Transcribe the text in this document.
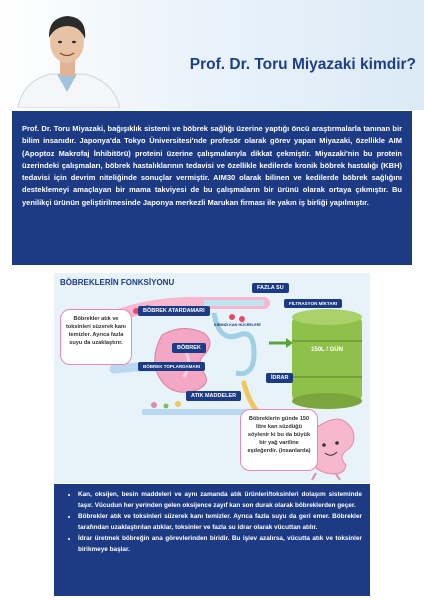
Prof. Dr. Toru Miyazaki kimdir?

Prof. Dr. Toru Miyazaki, bağışıklık sistemi ve böbrek sağlığı üzerine yaptığı öncü araştırmalarla tanınan bir bilim insanıdır. Japonya'da Tokyo Üniversitesi'nde profesör olarak görev yapan Miyazaki, özellikle AIM (Apoptoz Makrofaj İnhibitörü) proteini üzerine çalışmalarıyla dikkat çekmiştir. Miyazaki'nin bu protein üzerindeki çalışmaları, böbrek hastalıklarının tedavisi ve özellikle kedilerde kronik böbrek hastalığı (KBH) tedavisi için devrim niteliğinde sonuçlar vermiştir. AIM30 olarak bilinen ve kedilerde böbrek sağlığını desteklemeyi amaçlayan bir mama takviyesi de bu çalışmaların bir ürünü olarak ortaya çıkmıştır. Bu yenilikçi ürünün geliştirilmesinde Japonya merkezli Marukan firması ile yakın iş birliği yapılmıştır.

BÖBREKLERİN FONKSİYONU
FAZLA SU
BÖBREK ATARDAMARI
FİLTRASYON MİKTARI
KIRMIZI KAN HÜCRELERİ
BÖBREK
BÖBREK TOPLARDAMARI
150L / GÜN
İDRAR
ATIK MADDELER
Böbrekler atık ve toksinleri süzerek kanı temizler. Ayrıca fazla suyu da uzaklaştırır.
Böbreklerin günde 150 litre kan süzdüğü söylenir ki bu da büyük bir yağ variline eşdeğerdir. (insanlarda)
• Kan, oksijen, besin maddeleri ve aynı zamanda atık ürünleri/toksinleri dolaşım sisteminde taşır. Vücudun her yerinden gelen oksijence zayıf kan son durak olarak böbreklerden geçer.
• Böbrekler atık ve toksinleri süzerek kanı temizler. Ayrıca fazla suyu da geri emer. Böbrekler tarafından uzaklaştırılan atıklar, toksinler ve fazla su idrar olarak vücuttan atılır.
• İdrar üretmek böbreğin ana görevlerinden biridir. Bu işlev azalırsa, vücutta atık ve toksinler birikmeye başlar.
